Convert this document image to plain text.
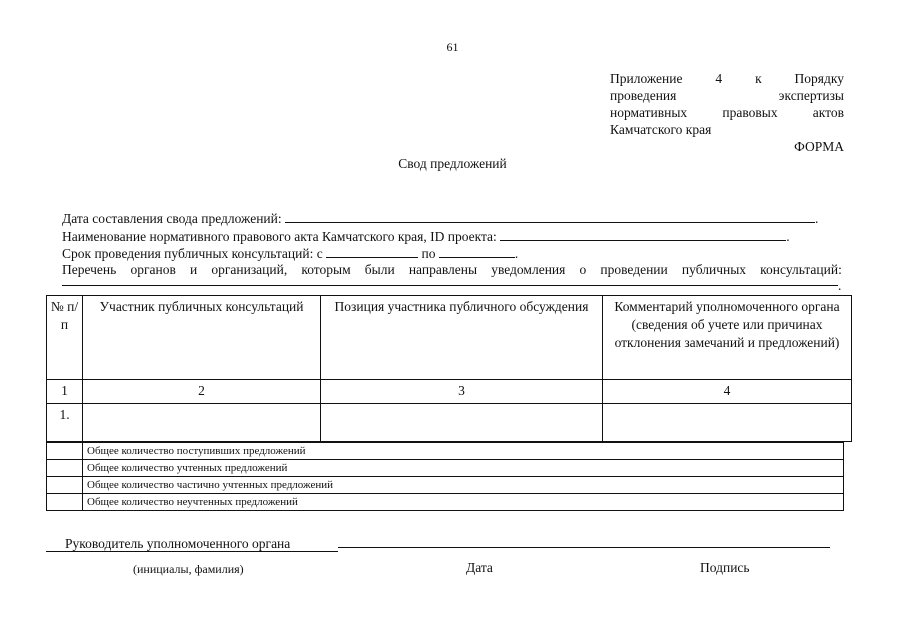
61
Приложение 4 к Порядку
проведения	экспертизы
нормативных	правовых	актов
Камчатского края
ФОРМА
Свод предложений
Дата составления свода предложений:	.
Наименование нормативного правового акта Камчатского края, ID проекта:	.
Срок проведения публичных консультаций: с	по	.
Перечень органов и организаций, которым были направлены уведомления о проведении публичных консультаций:
.
№ п/п	Участник публичных консультаций	Позиция участника публичного обсуждения	Комментарий уполномоченного органа (сведения об учете или причинах отклонения замечаний и предложений)
1	2	3	4
1.			
	Общее количество поступивших предложений
	Общее количество учтенных предложений
	Общее количество частично учтенных предложений
	Общее количество неучтенных предложений
Руководитель уполномоченного органа
(инициалы, фамилия)	Дата	Подпись
